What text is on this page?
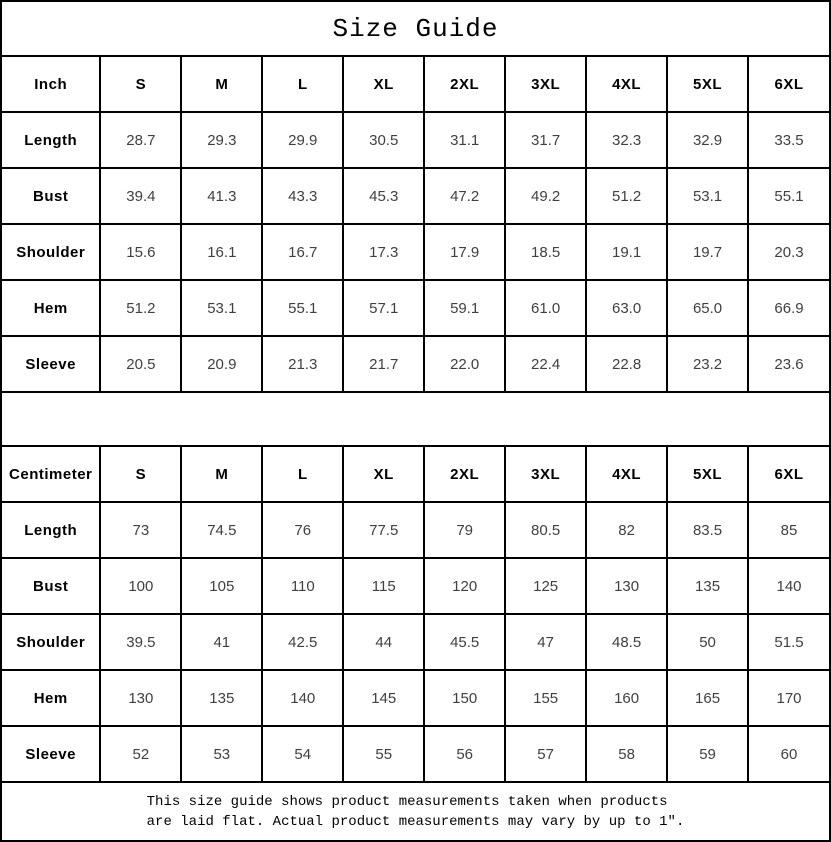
Size Guide
Inch	S	M	L	XL	2XL	3XL	4XL	5XL	6XL
Length	28.7	29.3	29.9	30.5	31.1	31.7	32.3	32.9	33.5
Bust	39.4	41.3	43.3	45.3	47.2	49.2	51.2	53.1	55.1
Shoulder	15.6	16.1	16.7	17.3	17.9	18.5	19.1	19.7	20.3
Hem	51.2	53.1	55.1	57.1	59.1	61.0	63.0	65.0	66.9
Sleeve	20.5	20.9	21.3	21.7	22.0	22.4	22.8	23.2	23.6
Centimeter	S	M	L	XL	2XL	3XL	4XL	5XL	6XL
Length	73	74.5	76	77.5	79	80.5	82	83.5	85
Bust	100	105	110	115	120	125	130	135	140
Shoulder	39.5	41	42.5	44	45.5	47	48.5	50	51.5
Hem	130	135	140	145	150	155	160	165	170
Sleeve	52	53	54	55	56	57	58	59	60
This size guide shows product measurements taken when products
are laid flat. Actual product measurements may vary by up to 1″.
